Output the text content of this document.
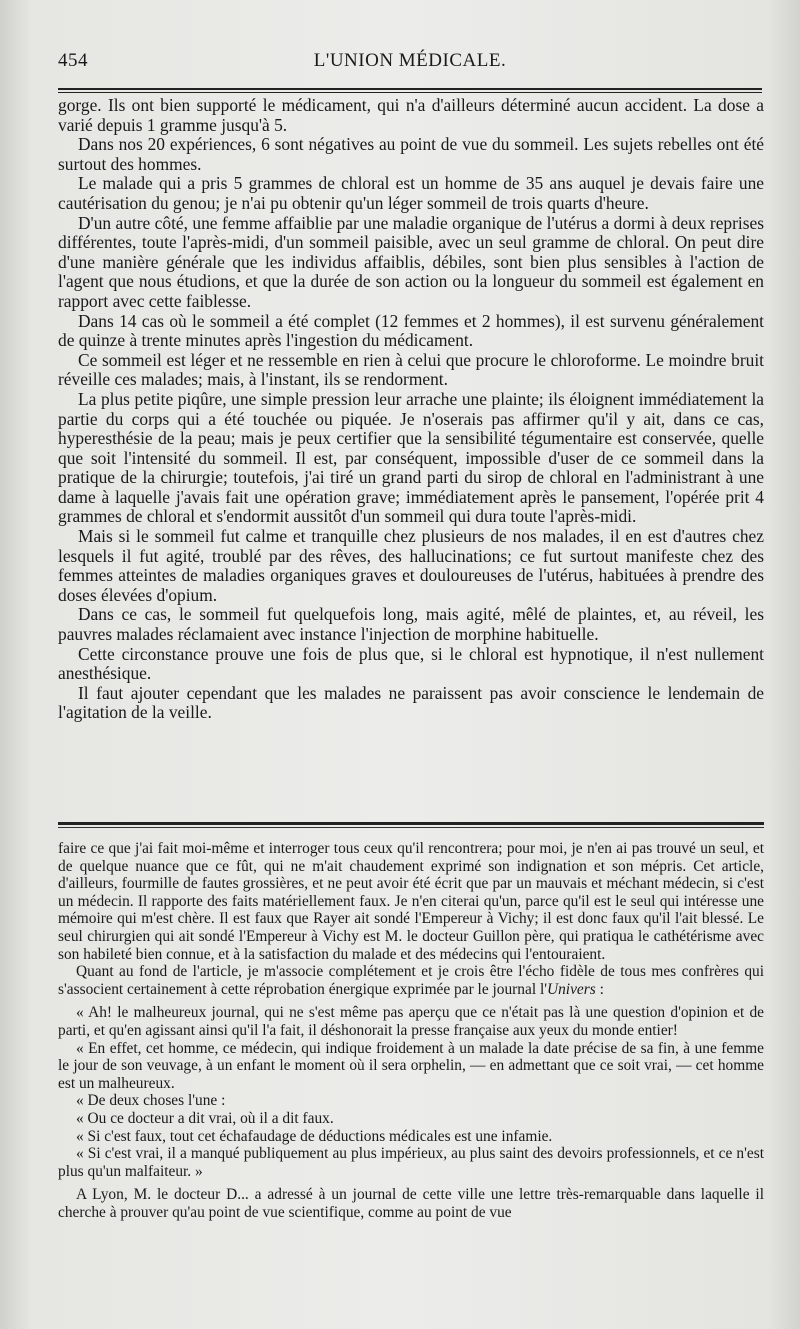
454	L'UNION MÉDICALE.

gorge. Ils ont bien supporté le médicament, qui n'a d'ailleurs déterminé aucun accident. La dose a varié depuis 1 gramme jusqu'à 5.

Dans nos 20 expériences, 6 sont négatives au point de vue du sommeil. Les sujets rebelles ont été surtout des hommes.

Le malade qui a pris 5 grammes de chloral est un homme de 35 ans auquel je devais faire une cautérisation du genou; je n'ai pu obtenir qu'un léger sommeil de trois quarts d'heure.

D'un autre côté, une femme affaiblie par une maladie organique de l'utérus a dormi à deux reprises différentes, toute l'après-midi, d'un sommeil paisible, avec un seul gramme de chloral. On peut dire d'une manière générale que les individus affaiblis, débiles, sont bien plus sensibles à l'action de l'agent que nous étudions, et que la durée de son action ou la longueur du sommeil est également en rapport avec cette faiblesse.

Dans 14 cas où le sommeil a été complet (12 femmes et 2 hommes), il est survenu généralement de quinze à trente minutes après l'ingestion du médicament.

Ce sommeil est léger et ne ressemble en rien à celui que procure le chloroforme. Le moindre bruit réveille ces malades; mais, à l'instant, ils se rendorment.

La plus petite piqûre, une simple pression leur arrache une plainte; ils éloignent immédiatement la partie du corps qui a été touchée ou piquée. Je n'oserais pas affirmer qu'il y ait, dans ce cas, hyperesthésie de la peau; mais je peux certifier que la sensibilité tégumentaire est conservée, quelle que soit l'intensité du sommeil. Il est, par conséquent, impossible d'user de ce sommeil dans la pratique de la chirurgie; toutefois, j'ai tiré un grand parti du sirop de chloral en l'administrant à une dame à laquelle j'avais fait une opération grave; immédiatement après le pansement, l'opérée prit 4 grammes de chloral et s'endormit aussitôt d'un sommeil qui dura toute l'après-midi.

Mais si le sommeil fut calme et tranquille chez plusieurs de nos malades, il en est d'autres chez lesquels il fut agité, troublé par des rêves, des hallucinations; ce fut surtout manifeste chez des femmes atteintes de maladies organiques graves et douloureuses de l'utérus, habituées à prendre des doses élevées d'opium.

Dans ce cas, le sommeil fut quelquefois long, mais agité, mêlé de plaintes, et, au réveil, les pauvres malades réclamaient avec instance l'injection de morphine habituelle.

Cette circonstance prouve une fois de plus que, si le chloral est hypnotique, il n'est nullement anesthésique.

Il faut ajouter cependant que les malades ne paraissent pas avoir conscience le lendemain de l'agitation de la veille.

faire ce que j'ai fait moi-même et interroger tous ceux qu'il rencontrera; pour moi, je n'en ai pas trouvé un seul, et de quelque nuance que ce fût, qui ne m'ait chaudement exprimé son indignation et son mépris. Cet article, d'ailleurs, fourmille de fautes grossières, et ne peut avoir été écrit que par un mauvais et méchant médecin, si c'est un médecin. Il rapporte des faits matériellement faux. Je n'en citerai qu'un, parce qu'il est le seul qui intéresse une mémoire qui m'est chère. Il est faux que Rayer ait sondé l'Empereur à Vichy; il est donc faux qu'il l'ait blessé. Le seul chirurgien qui ait sondé l'Empereur à Vichy est M. le docteur Guillon père, qui pratiqua le cathétérisme avec son habileté bien connue, et à la satisfaction du malade et des médecins qui l'entouraient.

Quant au fond de l'article, je m'associe complétement et je crois être l'écho fidèle de tous mes confrères qui s'associent certainement à cette réprobation énergique exprimée par le journal l'Univers :

« Ah! le malheureux journal, qui ne s'est même pas aperçu que ce n'était pas là une question d'opinion et de parti, et qu'en agissant ainsi qu'il l'a fait, il déshonorait la presse française aux yeux du monde entier!

« En effet, cet homme, ce médecin, qui indique froidement à un malade la date précise de sa fin, à une femme le jour de son veuvage, à un enfant le moment où il sera orphelin, — en admettant que ce soit vrai, — cet homme est un malheureux.

« De deux choses l'une :

« Ou ce docteur a dit vrai, où il a dit faux.

« Si c'est faux, tout cet échafaudage de déductions médicales est une infamie.

« Si c'est vrai, il a manqué publiquement au plus impérieux, au plus saint des devoirs professionnels, et ce n'est plus qu'un malfaiteur. »

A Lyon, M. le docteur D... a adressé à un journal de cette ville une lettre très-remarquable dans laquelle il cherche à prouver qu'au point de vue scientifique, comme au point de vue
